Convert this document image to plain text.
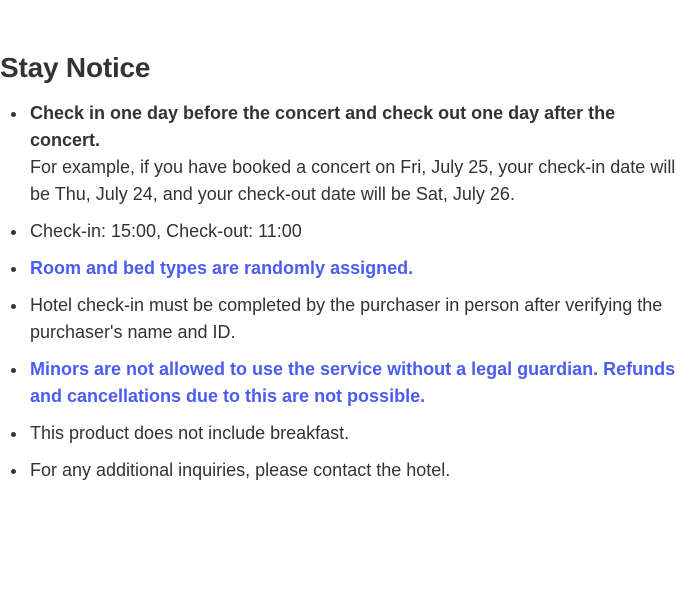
Stay Notice
Check in one day before the concert and check out one day after the concert.
For example, if you have booked a concert on Fri, July 25, your check-in date will be Thu, July 24, and your check-out date will be Sat, July 26.
Check-in: 15:00, Check-out: 11:00
Room and bed types are randomly assigned.
Hotel check-in must be completed by the purchaser in person after verifying the purchaser's name and ID.
Minors are not allowed to use the service without a legal guardian. Refunds and cancellations due to this are not possible.
This product does not include breakfast.
For any additional inquiries, please contact the hotel.
